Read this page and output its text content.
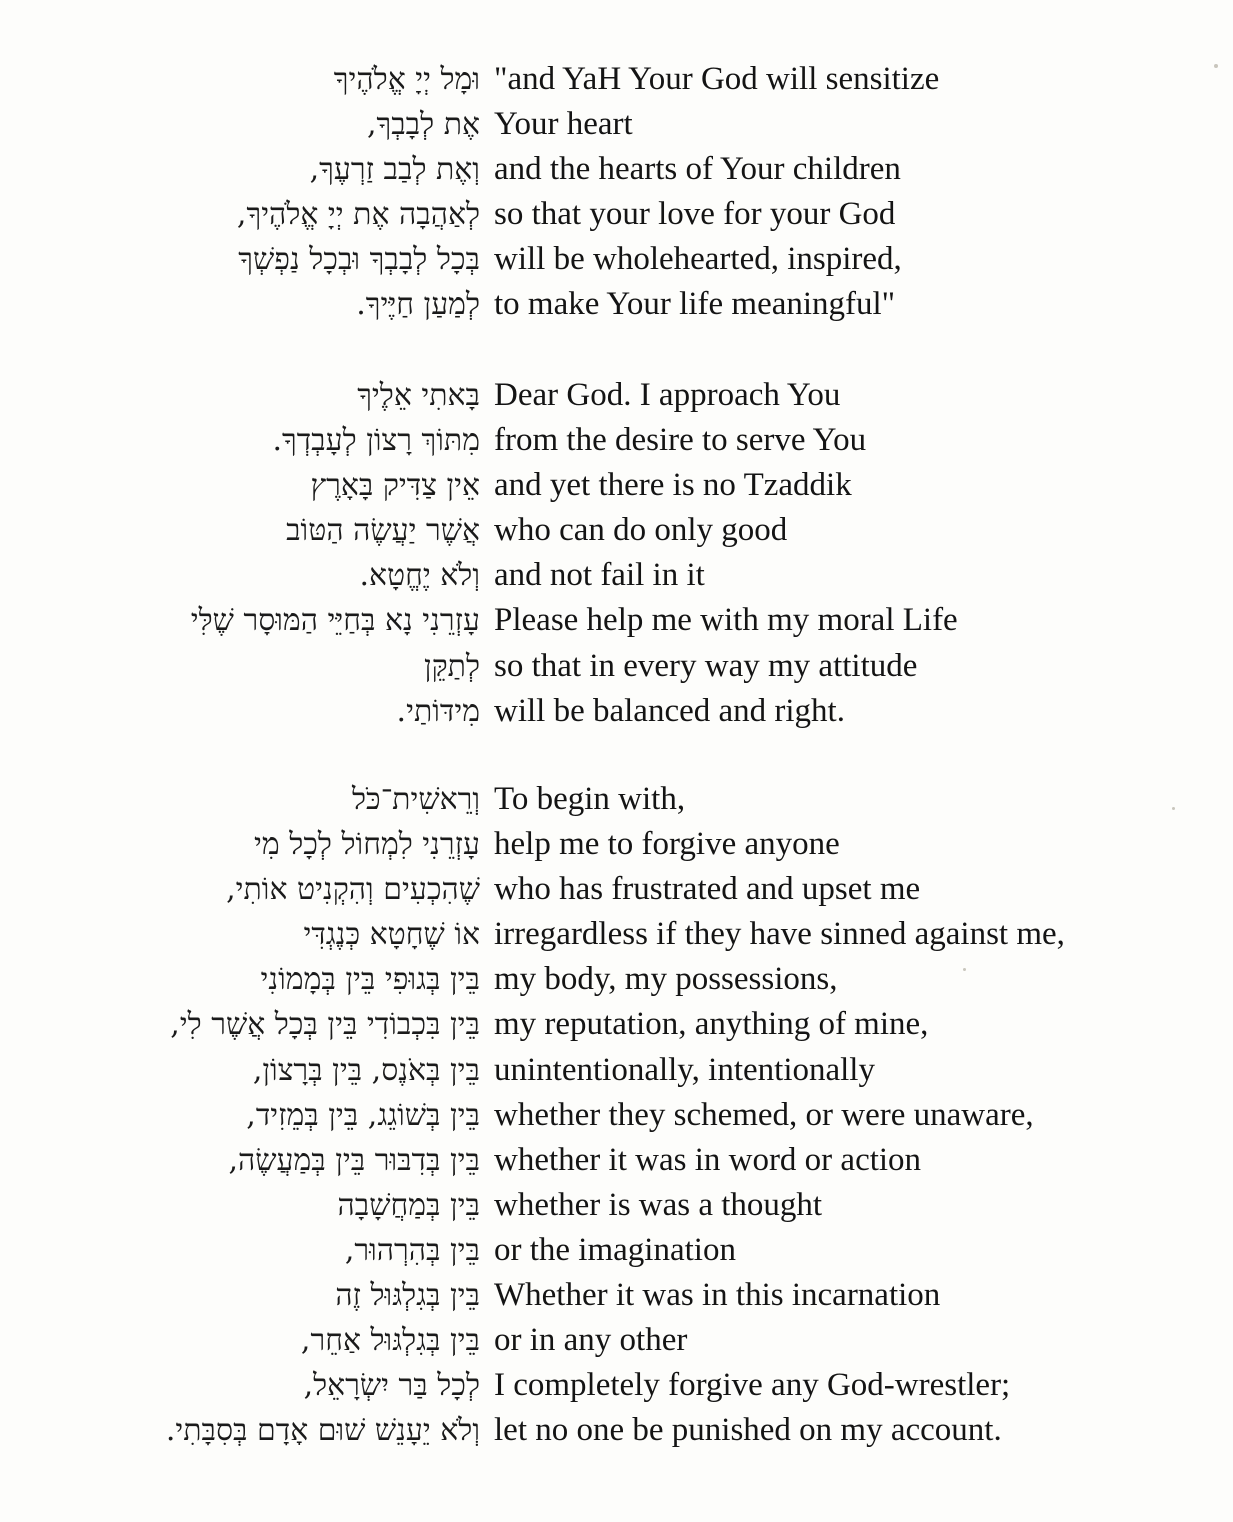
וּמָל יְיָ אֱלֹהֶיךָ "and YaH Your God will sensitize
אֶת לְבָבְךָ, Your heart
וְאֶת לְבַב זַרְעֶךָ, and the hearts of Your children
לְאַהֲבָה אֶת יְיָ אֱלֹהֶיךָ, so that your love for your God
בְּכָל לְבָבְךָ וּבְכָל נַפְשְׁךָ will be wholehearted, inspired,
לְמַעַן חַיֶּיךָ. to make Your life meaningful"
בָּאתִי אֵלֶיךָ Dear God. I approach You
מִתּוֹךְ רָצוֹן לְעָבְדְךָ. from the desire to serve You
אֵין צַדִּיק בָּאָרֶץ and yet there is no Tzaddik
אֲשֶׁר יַעֲשֶׂה הַטּוֹב who can do only good
וְלֹא יֶחֱטָא. and not fail in it
עָזְרֵנִי נָא בְּחַיֵּי הַמּוּסָר שֶׁלִּי Please help me with my moral Life
לְתַקֵּן so that in every way my attitude
מִידּוֹתַי. will be balanced and right.
וְרֵאשִׁית־כֹּל To begin with,
עָזְרֵנִי לִמְחוֹל לְכָל מִי help me to forgive anyone
שֶׁהִכְעִים וְהִקְנִיט אוֹתִי, who has frustrated and upset me
אוֹ שֶׁחָטָא כְּנֶגְדִּי irregardless if they have sinned against me,
בֵּין בְּגוּפִי בֵּין בְּמָמוֹנִי my body, my possessions,
בֵּין בִּכְבוֹדִי בֵּין בְּכָל אֲשֶׁר לִי, my reputation, anything of mine,
בֵּין בְּאֹנֶס, בֵּין בְּרָצוֹן, unintentionally, intentionally
בֵּין בְּשׁוֹגֵג, בֵּין בְּמֵזִיד, whether they schemed, or were unaware,
בֵּין בְּדִבּוּר בֵּין בְּמַעֲשֶׂה, whether it was in word or action
בֵּין בְּמַחֲשָׁבָה whether is was a thought
בֵּין בְּהִרְהוּר, or the imagination
בֵּין בְּגִלְגּוּל זֶה Whether it was in this incarnation
בֵּין בְּגִלְגּוּל אַחֵר, or in any other
לְכָל בַּר יִשְׂרָאֵל, I completely forgive any God-wrestler;
וְלֹא יֵעָנֵשׁ שׁוּם אָדָם בְּסִבָּתִי. let no one be punished on my account.
